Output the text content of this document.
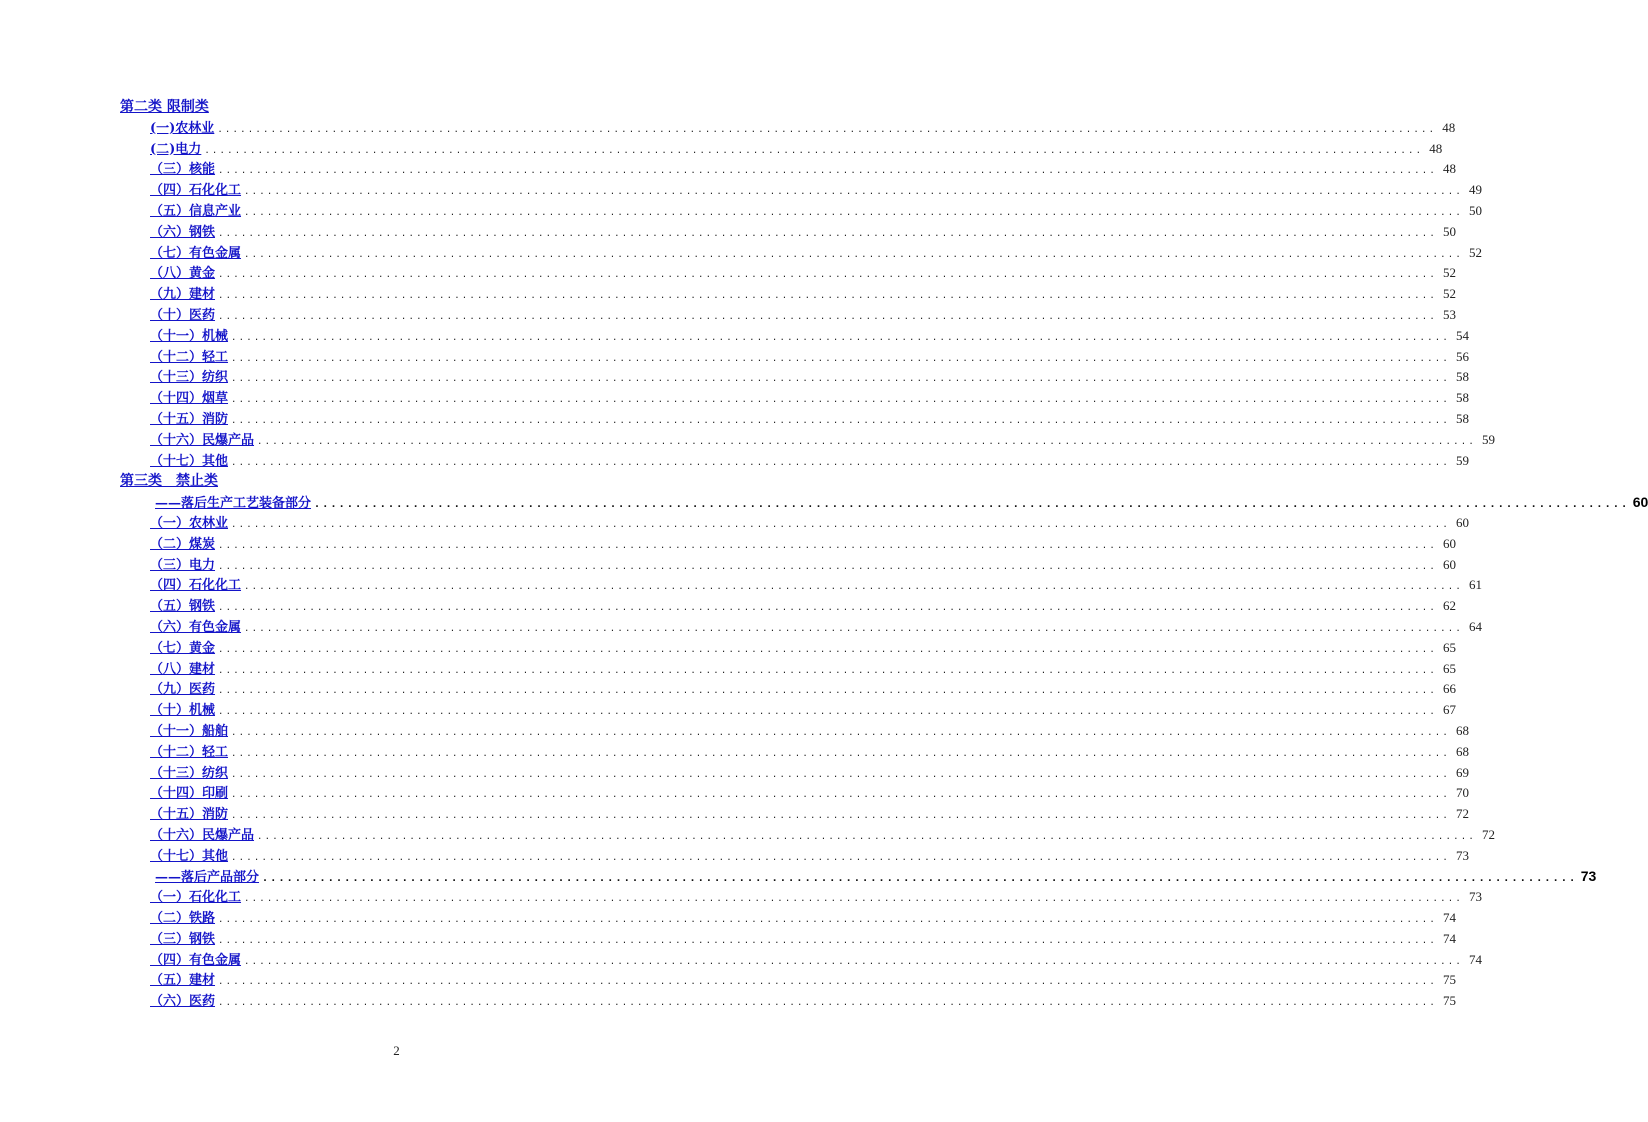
第二类 限制类
(一)农林业 ................................................................................................................................................................ 48
(二)电力 ................................................................................................................................................................ 48
（三）核能 ................................................................................................................................................................ 48
（四）石化化工 ................................................................................................................................................................ 49
（五）信息产业 ................................................................................................................................................................ 50
（六）钢铁 ................................................................................................................................................................ 50
（七）有色金属 ................................................................................................................................................................ 52
（八）黄金 ................................................................................................................................................................ 52
（九）建材 ................................................................................................................................................................ 52
（十）医药 ................................................................................................................................................................ 53
（十一）机械 ................................................................................................................................................................ 54
（十二）轻工 ................................................................................................................................................................ 56
（十三）纺织 ................................................................................................................................................................ 58
（十四）烟草 ................................................................................................................................................................ 58
（十五）消防 ................................................................................................................................................................ 58
（十六）民爆产品 ................................................................................................................................................................ 59
（十七）其他 ................................................................................................................................................................ 59
第三类　禁止类
——落后生产工艺装备部分 ................................................................................................................................................................ 60
（一）农林业 ................................................................................................................................................................ 60
（二）煤炭 ................................................................................................................................................................ 60
（三）电力 ................................................................................................................................................................ 60
（四）石化化工 ................................................................................................................................................................ 61
（五）钢铁 ................................................................................................................................................................ 62
（六）有色金属 ................................................................................................................................................................ 64
（七）黄金 ................................................................................................................................................................ 65
（八）建材 ................................................................................................................................................................ 65
（九）医药 ................................................................................................................................................................ 66
（十）机械 ................................................................................................................................................................ 67
（十一）船舶 ................................................................................................................................................................ 68
（十二）轻工 ................................................................................................................................................................ 68
（十三）纺织 ................................................................................................................................................................ 69
（十四）印刷 ................................................................................................................................................................ 70
（十五）消防 ................................................................................................................................................................ 72
（十六）民爆产品 ................................................................................................................................................................ 72
（十七）其他 ................................................................................................................................................................ 73
——落后产品部分 ................................................................................................................................................................ 73
（一）石化化工 ................................................................................................................................................................ 73
（二）铁路 ................................................................................................................................................................ 74
（三）钢铁 ................................................................................................................................................................ 74
（四）有色金属 ................................................................................................................................................................ 74
（五）建材 ................................................................................................................................................................ 75
（六）医药 ................................................................................................................................................................ 75
2
